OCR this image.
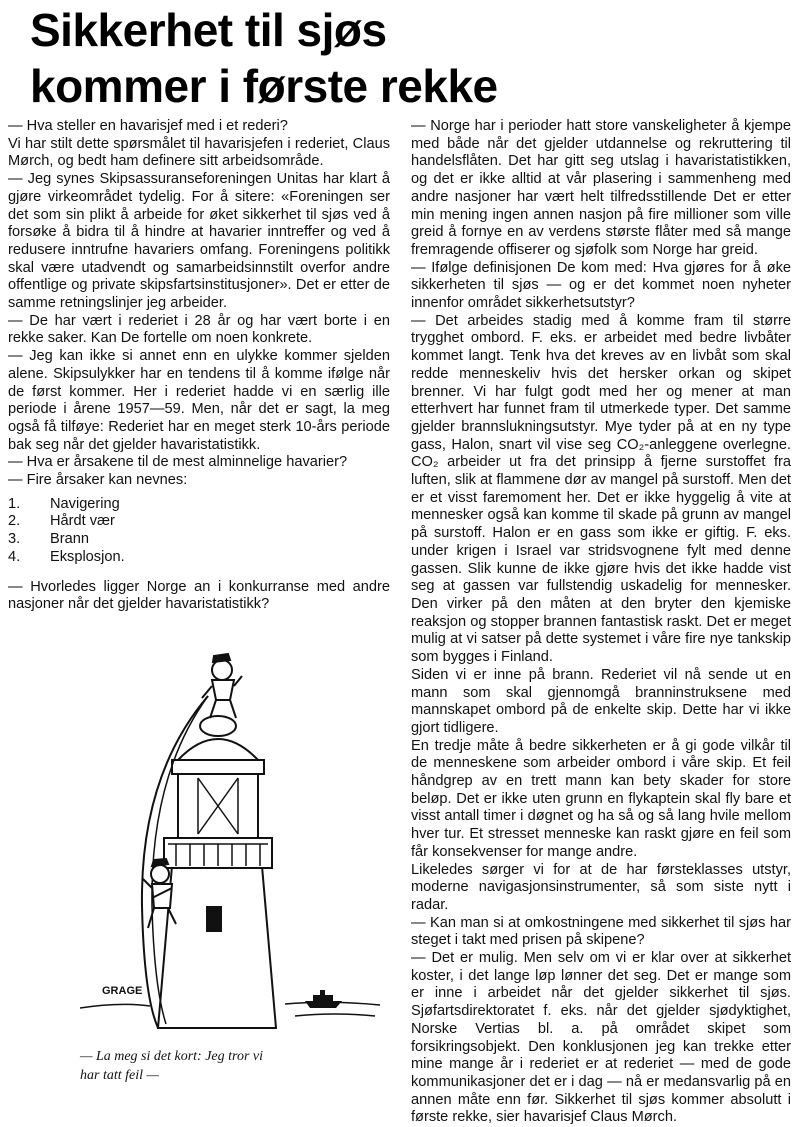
Sikkerhet til sjøs
kommer i første rekke

— Hva steller en havarisjef med i et rederi?

Vi har stilt dette spørsmålet til havarisjefen i rederiet, Claus Mørch, og bedt ham definere sitt arbeidsområde.

— Jeg synes Skipsassuranseforeningen Unitas har klart å gjøre virkeområdet tydelig. For å sitere: «Foreningen ser det som sin plikt å arbeide for øket sikkerhet til sjøs ved å forsøke å bidra til å hindre at havarier inntreffer og ved å redusere inntrufne havariers omfang. Foreningens politikk skal være utadvendt og samarbeidsinnstilt overfor andre offentlige og private skipsfartsinstitusjoner». Det er etter de samme retningslinjer jeg arbeider.

— De har vært i rederiet i 28 år og har vært borte i en rekke saker. Kan De fortelle om noen konkrete.

— Jeg kan ikke si annet enn en ulykke kommer sjelden alene. Skipsulykker har en tendens til å komme ifølge når de først kommer. Her i rederiet hadde vi en særlig ille periode i årene 1957—59. Men, når det er sagt, la meg også få tilføye: Rederiet har en meget sterk 10-års periode bak seg når det gjelder havaristatistikk.

— Hva er årsakene til de mest alminnelige havarier?

— Fire årsaker kan nevnes:

1.	Navigering
2.	Hårdt vær
3.	Brann
4.	Eksplosjon.

— Hvorledes ligger Norge an i konkurranse med andre nasjoner når det gjelder havaristatistikk?

GRAGE
— La meg si det kort: Jeg tror vi
har tatt feil —

— Norge har i perioder hatt store vanskeligheter å kjempe med både når det gjelder utdannelse og rekruttering til handelsflåten. Det har gitt seg utslag i havaristatistikken, og det er ikke alltid at vår plasering i sammenheng med andre nasjoner har vært helt tilfredsstillende Det er etter min mening ingen annen nasjon på fire millioner som ville greid å fornye en av verdens største flåter med så mange fremragende offiserer og sjøfolk som Norge har greid.

— Ifølge definisjonen De kom med: Hva gjøres for å øke sikkerheten til sjøs — og er det kommet noen nyheter innenfor området sikkerhetsutstyr?

— Det arbeides stadig med å komme fram til større trygghet ombord. F. eks. er arbeidet med bedre livbåter kommet langt. Tenk hva det kreves av en livbåt som skal redde menneskeliv hvis det hersker orkan og skipet brenner. Vi har fulgt godt med her og mener at man etterhvert har funnet fram til utmerkede typer. Det samme gjelder brannslukningsutstyr. Mye tyder på at en ny type gass, Halon, snart vil vise seg CO₂-anleggene overlegne. CO₂ arbeider ut fra det prinsipp å fjerne surstoffet fra luften, slik at flammene dør av mangel på surstoff. Men det er et visst faremoment her. Det er ikke hyggelig å vite at mennesker også kan komme til skade på grunn av mangel på surstoff. Halon er en gass som ikke er giftig. F. eks. under krigen i Israel var stridsvognene fylt med denne gassen. Slik kunne de ikke gjøre hvis det ikke hadde vist seg at gassen var fullstendig uskadelig for mennesker. Den virker på den måten at den bryter den kjemiske reaksjon og stopper brannen fantastisk raskt. Det er meget mulig at vi satser på dette systemet i våre fire nye tankskip som bygges i Finland.

Siden vi er inne på brann. Rederiet vil nå sende ut en mann som skal gjennomgå branninstruksene med mannskapet ombord på de enkelte skip. Dette har vi ikke gjort tidligere.

En tredje måte å bedre sikkerheten er å gi gode vilkår til de menneskene som arbeider ombord i våre skip. Et feil håndgrep av en trett mann kan bety skader for store beløp. Det er ikke uten grunn en flykaptein skal fly bare et visst antall timer i døgnet og ha så og så lang hvile mellom hver tur. Et stresset menneske kan raskt gjøre en feil som får konsekvenser for mange andre.

Likeledes sørger vi for at de har førsteklasses utstyr, moderne navigasjonsinstrumenter, så som siste nytt i radar.

— Kan man si at omkostningene med sikkerhet til sjøs har steget i takt med prisen på skipene?

— Det er mulig. Men selv om vi er klar over at sikkerhet koster, i det lange løp lønner det seg. Det er mange som er inne i arbeidet når det gjelder sikkerhet til sjøs. Sjøfartsdirektoratet f. eks. når det gjelder sjødyktighet, Norske Vertias bl. a. på området skipet som forsikringsobjekt. Den konklusjonen jeg kan trekke etter mine mange år i rederiet er at rederiet — med de gode kommunikasjoner det er i dag — nå er medansvarlig på en annen måte enn før. Sikkerhet til sjøs kommer absolutt i første rekke, sier havarisjef Claus Mørch.
